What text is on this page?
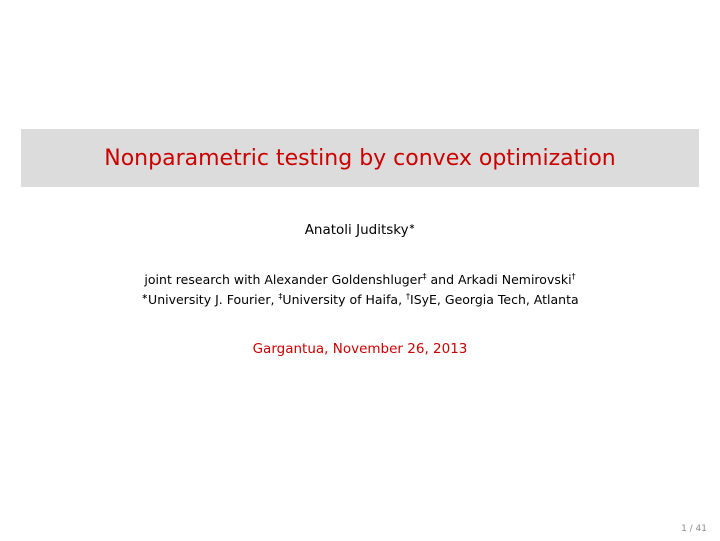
Nonparametric testing by convex optimization
Anatoli Juditsky∗
joint research with Alexander Goldenshluger‡ and Arkadi Nemirovski†
∗University J. Fourier, ‡University of Haifa, †ISyE, Georgia Tech, Atlanta
Gargantua, November 26, 2013
1 / 41
